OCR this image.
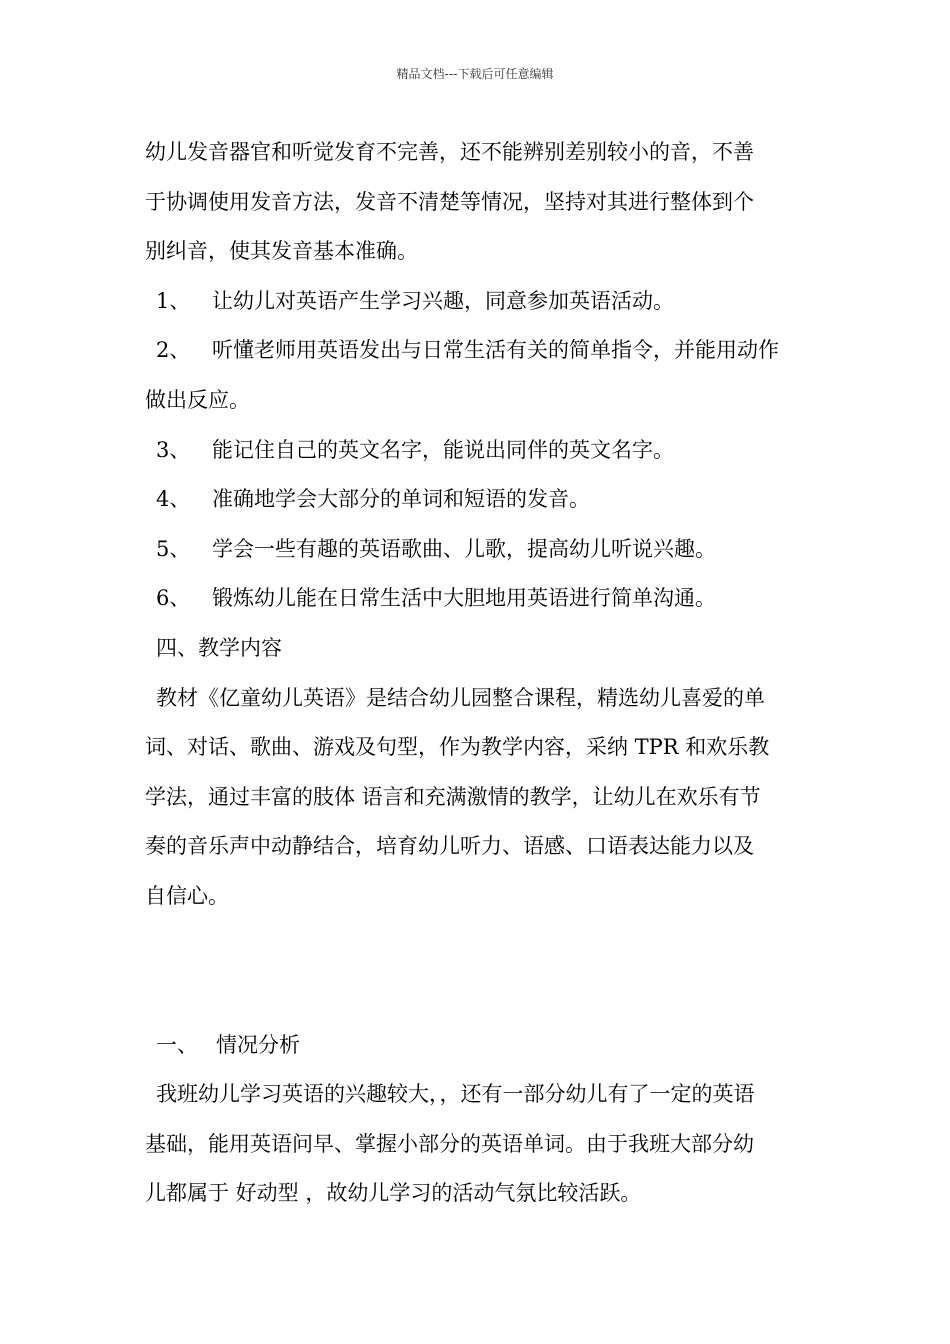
精品文档---下载后可任意编辑
幼儿发音器官和听觉发育不完善，还不能辨别差别较小的音，不善
于协调使用发音方法，发音不清楚等情况，坚持对其进行整体到个
别纠音，使其发音基本准确。
1、 让幼儿对英语产生学习兴趣，同意参加英语活动。
2、 听懂老师用英语发出与日常生活有关的简单指令，并能用动作
做出反应。
3、 能记住自己的英文名字，能说出同伴的英文名字。
4、 准确地学会大部分的单词和短语的发音。
5、 学会一些有趣的英语歌曲、儿歌，提高幼儿听说兴趣。
6、 锻炼幼儿能在日常生活中大胆地用英语进行简单沟通。
四、教学内容
教材《亿童幼儿英语》是结合幼儿园整合课程，精选幼儿喜爱的单
词、对话、歌曲、游戏及句型，作为教学内容，采纳 TPR 和欢乐教
学法，通过丰富的肢体 语言和充满激情的教学，让幼儿在欢乐有节
奏的音乐声中动静结合，培育幼儿听力、语感、口语表达能力以及
自信心。
一、 情况分析
我班幼儿学习英语的兴趣较大，，还有一部分幼儿有了一定的英语
基础，能用英语问早、掌握小部分的英语单词。由于我班大部分幼
儿都属于 好动型 ，故幼儿学习的活动气氛比较活跃。
